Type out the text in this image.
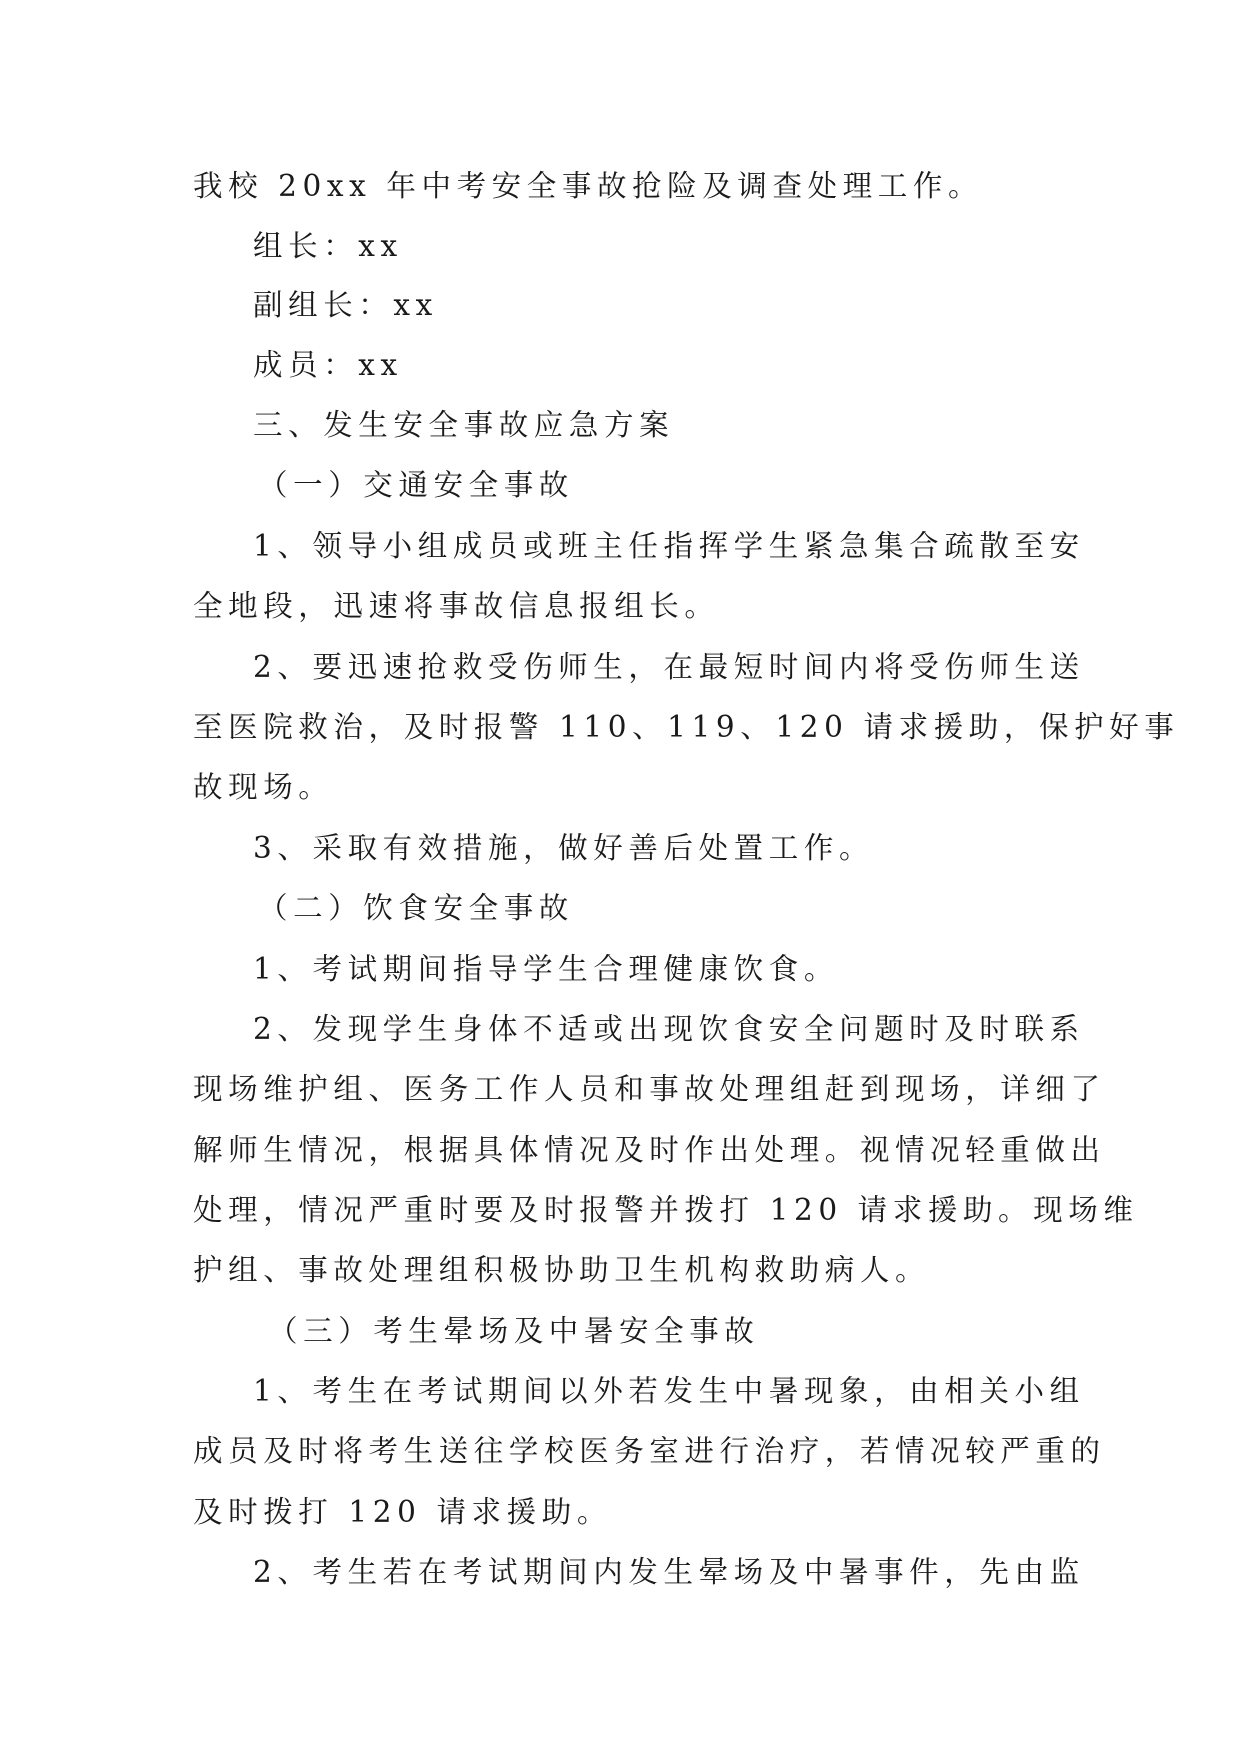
我校 20xx 年中考安全事故抢险及调查处理工作。
组长：xx
副组长：xx
成员：xx
三、发生安全事故应急方案
（一）交通安全事故
1、领导小组成员或班主任指挥学生紧急集合疏散至安
全地段，迅速将事故信息报组长。
2、要迅速抢救受伤师生，在最短时间内将受伤师生送
至医院救治，及时报警 110、119、120 请求援助，保护好事
故现场。
3、采取有效措施，做好善后处置工作。
（二）饮食安全事故
1、考试期间指导学生合理健康饮食。
2、发现学生身体不适或出现饮食安全问题时及时联系
现场维护组、医务工作人员和事故处理组赶到现场，详细了
解师生情况，根据具体情况及时作出处理。视情况轻重做出
处理，情况严重时要及时报警并拨打 120 请求援助。现场维
护组、事故处理组积极协助卫生机构救助病人。
（三）考生晕场及中暑安全事故
1、考生在考试期间以外若发生中暑现象，由相关小组
成员及时将考生送往学校医务室进行治疗，若情况较严重的
及时拨打 120 请求援助。
2、考生若在考试期间内发生晕场及中暑事件，先由监
